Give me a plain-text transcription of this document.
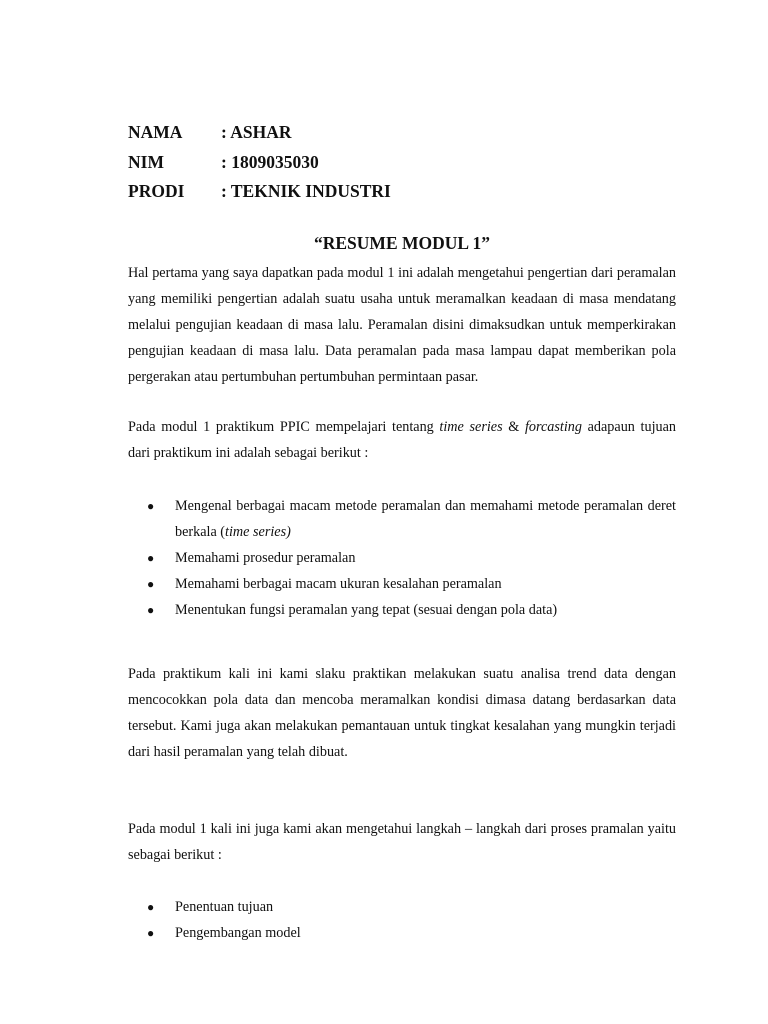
NAMA	: ASHAR
NIM	: 1809035030
PRODI	: TEKNIK INDUSTRI
“RESUME MODUL 1”

Hal pertama yang saya dapatkan pada modul 1 ini adalah mengetahui pengertian dari peramalan yang memiliki pengertian adalah suatu usaha untuk meramalkan keadaan di masa mendatang melalui pengujian keadaan di masa lalu. Peramalan disini dimaksudkan untuk memperkirakan pengujian keadaan di masa lalu. Data peramalan pada masa lampau dapat memberikan pola pergerakan atau pertumbuhan pertumbuhan permintaan pasar.

Pada modul 1 praktikum PPIC mempelajari tentang time series & forcasting adapaun tujuan dari praktikum ini adalah sebagai berikut :

● Mengenal berbagai macam metode peramalan dan memahami metode peramalan deret berkala (time series)
● Memahami prosedur peramalan
● Memahami berbagai macam ukuran kesalahan peramalan
● Menentukan fungsi peramalan yang tepat (sesuai dengan pola data)

Pada praktikum kali ini kami slaku praktikan melakukan suatu analisa trend data dengan mencocokkan pola data dan mencoba meramalkan kondisi dimasa datang berdasarkan data tersebut. Kami juga akan melakukan pemantauan untuk tingkat kesalahan yang mungkin terjadi dari hasil peramalan yang telah dibuat.

Pada modul 1 kali ini juga kami akan mengetahui langkah – langkah dari proses pramalan yaitu sebagai berikut :

● Penentuan tujuan
● Pengembangan model
